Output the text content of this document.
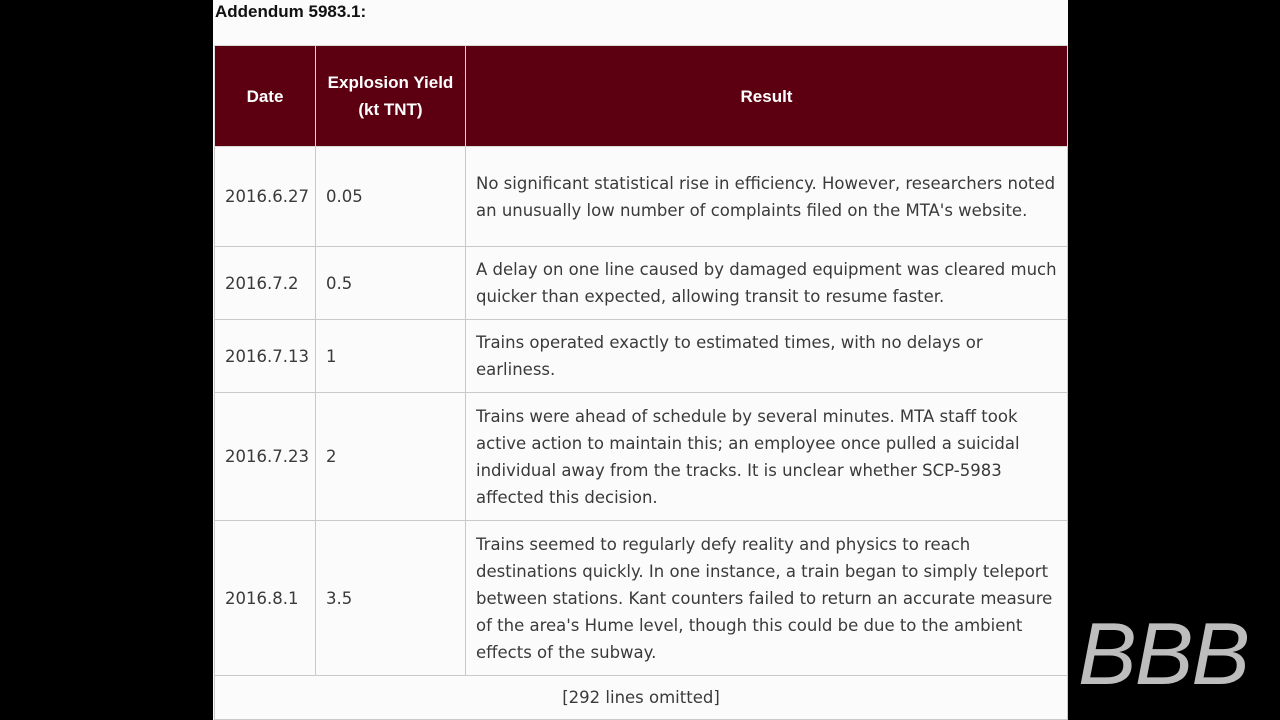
Addendum 5983.1:
Date	Explosion Yield (kt TNT)	Result
2016.6.27	0.05	No significant statistical rise in efficiency. However, researchers noted an unusually low number of complaints filed on the MTA's website.
2016.7.2	0.5	A delay on one line caused by damaged equipment was cleared much quicker than expected, allowing transit to resume faster.
2016.7.13	1	Trains operated exactly to estimated times, with no delays or earliness.
2016.7.23	2	Trains were ahead of schedule by several minutes. MTA staff took active action to maintain this; an employee once pulled a suicidal individual away from the tracks. It is unclear whether SCP-5983 affected this decision.
2016.8.1	3.5	Trains seemed to regularly defy reality and physics to reach destinations quickly. In one instance, a train began to simply teleport between stations. Kant counters failed to return an accurate measure of the area's Hume level, though this could be due to the ambient effects of the subway.
[292 lines omitted]			BBB
